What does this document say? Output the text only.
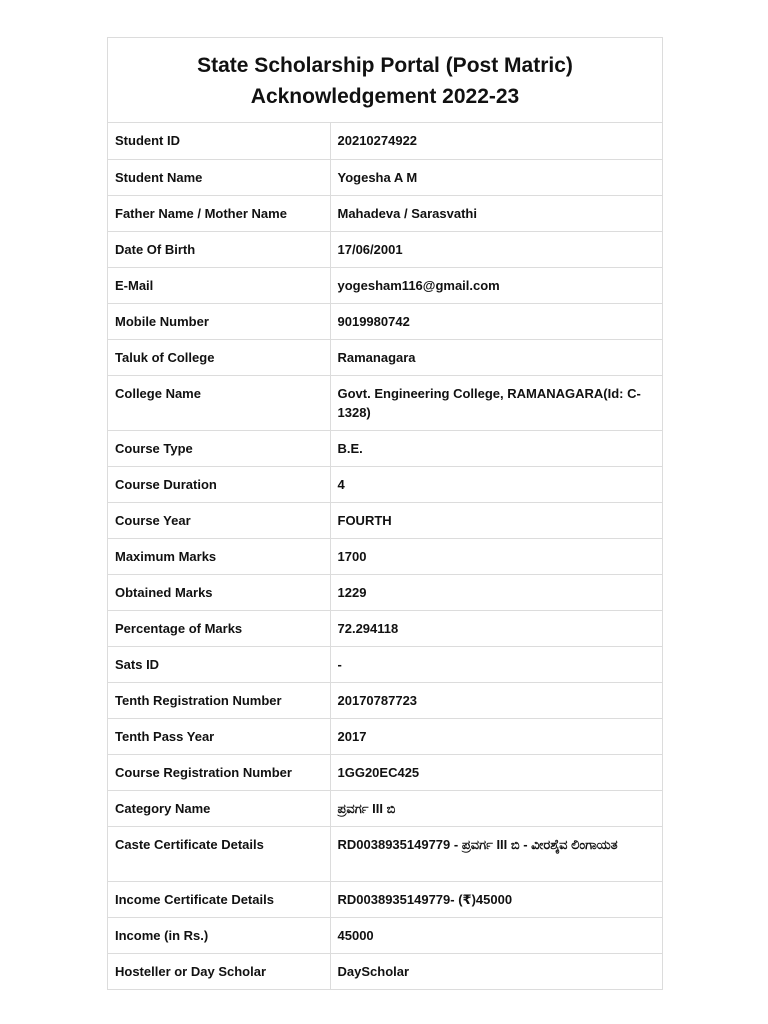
State Scholarship Portal (Post Matric)
Acknowledgement 2022-23
Student ID	20210274922
Student Name	Yogesha A M
Father Name / Mother Name	Mahadeva / Sarasvathi
Date Of Birth	17/06/2001
E-Mail	yogesham116@gmail.com
Mobile Number	9019980742
Taluk of College	Ramanagara
College Name	Govt. Engineering College, RAMANAGARA(Id: C-1328)
Course Type	B.E.
Course Duration	4
Course Year	FOURTH
Maximum Marks	1700
Obtained Marks	1229
Percentage of Marks	72.294118
Sats ID	-
Tenth Registration Number	20170787723
Tenth Pass Year	2017
Course Registration Number	1GG20EC425
Category Name	ಪ್ರವರ್ಗ III ಬಿ
Caste Certificate Details	RD0038935149779 - ಪ್ರವರ್ಗ III ಬಿ - ವೀರಶೈವ ಲಿಂಗಾಯತ
Income Certificate Details	RD0038935149779- (₹)45000
Income (in Rs.)	45000
Hosteller or Day Scholar	DayScholar
